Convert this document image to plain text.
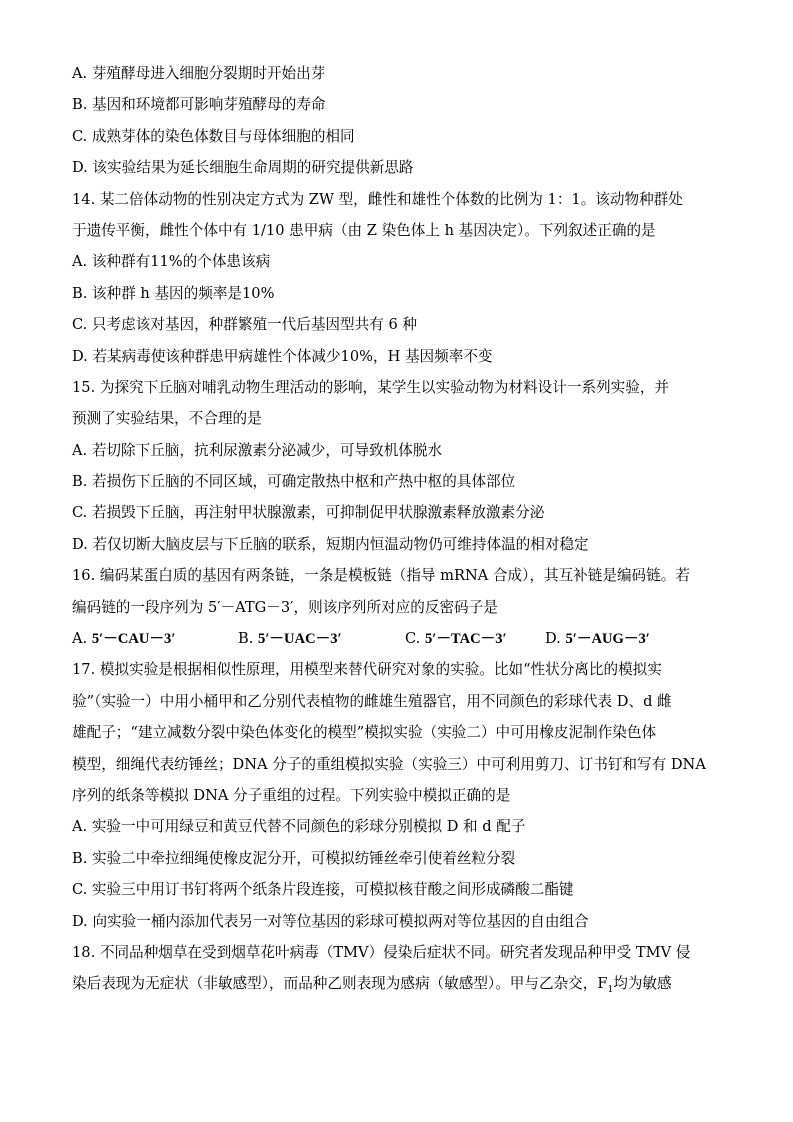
A. 芽殖酵母进入细胞分裂期时开始出芽
B. 基因和环境都可影响芽殖酵母的寿命
C. 成熟芽体的染色体数目与母体细胞的相同
D. 该实验结果为延长细胞生命周期的研究提供新思路
14. 某二倍体动物的性别决定方式为 ZW 型，雌性和雄性个体数的比例为 1：1。该动物种群处
于遗传平衡，雌性个体中有 1/10 患甲病（由 Z 染色体上 h 基因决定）。下列叙述正确的是
A. 该种群有11%的个体患该病
B. 该种群 h 基因的频率是10%
C. 只考虑该对基因，种群繁殖一代后基因型共有 6 种
D. 若某病毒使该种群患甲病雄性个体减少10%，H 基因频率不变
15. 为探究下丘脑对哺乳动物生理活动的影响，某学生以实验动物为材料设计一系列实验，并
预测了实验结果，不合理的是
A. 若切除下丘脑，抗利尿激素分泌减少，可导致机体脱水
B. 若损伤下丘脑的不同区域，可确定散热中枢和产热中枢的具体部位
C. 若损毁下丘脑，再注射甲状腺激素，可抑制促甲状腺激素释放激素分泌
D. 若仅切断大脑皮层与下丘脑的联系，短期内恒温动物仍可维持体温的相对稳定
16. 编码某蛋白质的基因有两条链，一条是模板链（指导 mRNA 合成），其互补链是编码链。若
编码链的一段序列为 5′－ATG－3′，则该序列所对应的反密码子是
A. 5′－CAU－3′	B. 5′－UAC－3′	C. 5′－TAC－3′	D. 5′－AUG－3′
17. 模拟实验是根据相似性原理，用模型来替代研究对象的实验。比如“性状分离比的模拟实
验”（实验一）中用小桶甲和乙分别代表植物的雌雄生殖器官，用不同颜色的彩球代表 D、d 雌
雄配子；“建立减数分裂中染色体变化的模型”模拟实验（实验二）中可用橡皮泥制作染色体
模型，细绳代表纺锤丝；DNA 分子的重组模拟实验（实验三）中可利用剪刀、订书钉和写有 DNA
序列的纸条等模拟 DNA 分子重组的过程。下列实验中模拟正确的是
A. 实验一中可用绿豆和黄豆代替不同颜色的彩球分别模拟 D 和 d 配子
B. 实验二中牵拉细绳使橡皮泥分开，可模拟纺锤丝牵引使着丝粒分裂
C. 实验三中用订书钉将两个纸条片段连接，可模拟核苷酸之间形成磷酸二酯键
D. 向实验一桶内添加代表另一对等位基因的彩球可模拟两对等位基因的自由组合
18. 不同品种烟草在受到烟草花叶病毒（TMV）侵染后症状不同。研究者发现品种甲受 TMV 侵
染后表现为无症状（非敏感型），而品种乙则表现为感病（敏感型）。甲与乙杂交，$F_1$均为敏感
